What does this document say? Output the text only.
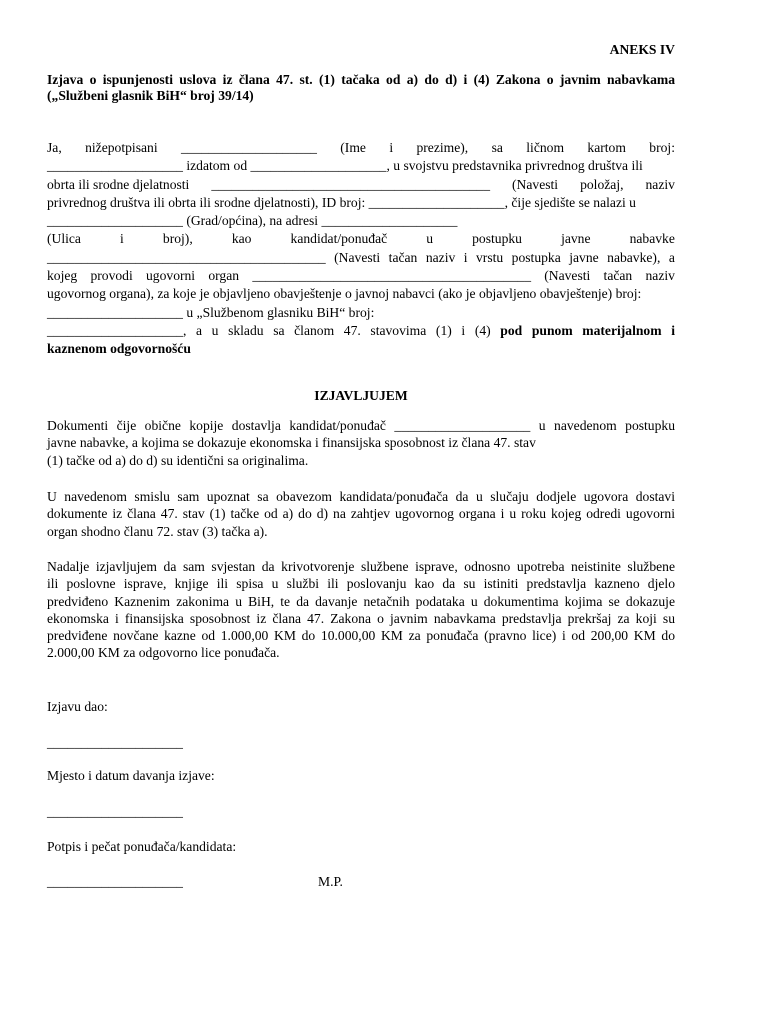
ANEKS IV
Izjava o ispunjenosti uslova iz člana 47. st. (1) tačaka od a) do d) i (4) Zakona o javnim nabavkama
(„Službeni glasnik BiH“ broj 39/14)
Ja, nižepotpisani ____________________ (Ime i prezime), sa ličnom kartom broj:
____________________ izdatom od ____________________, u svojstvu predstavnika privrednog društva ili
obrta ili srodne djelatnosti _________________________________________ (Navesti položaj, naziv
privrednog društva ili obrta ili srodne djelatnosti), ID broj: ____________________, čije sjedište se nalazi u
____________________ (Grad/općina), na adresi ____________________
(Ulica	i	broj),	kao	kandidat/ponuđač	u	postupku	javne	nabavke
_________________________________________ (Navesti tačan naziv i vrstu postupka javne nabavke), a
kojeg provodi ugovorni organ _________________________________________ (Navesti tačan naziv
ugovornog organa), za koje je objavljeno obavještenje o javnoj nabavci (ako je objavljeno obavještenje) broj:
____________________ u „Službenom glasniku BiH“ broj:
____________________, a u skladu sa članom 47. stavovima (1) i (4) pod punom materijalnom i
kaznenom odgovornošću
IZJAVLJUJEM
Dokumenti čije obične kopije dostavlja kandidat/ponuđač ____________________ u navedenom postupku
javne nabavke, a kojima se dokazuje ekonomska i finansijska sposobnost iz člana 47. stav
(1) tačke od a) do d) su identični sa originalima.
U navedenom smislu sam upoznat sa obavezom kandidata/ponuđača da u slučaju dodjele ugovora dostavi
dokumente iz člana 47. stav (1) tačke od a) do d) na zahtjev ugovornog organa i u roku kojeg odredi ugovorni
organ shodno članu 72. stav (3) tačka a).
Nadalje izjavljujem da sam svjestan da krivotvorenje službene isprave, odnosno upotreba neistinite službene
ili poslovne isprave, knjige ili spisa u službi ili poslovanju kao da su istiniti predstavlja kazneno djelo
predviđeno Kaznenim zakonima u BiH, te da davanje netačnih podataka u dokumentima kojima se dokazuje
ekonomska i finansijska sposobnost iz člana 47. Zakona o javnim nabavkama predstavlja prekršaj za koji su
predviđene novčane kazne od 1.000,00 KM do 10.000,00 KM za ponuđača (pravno lice) i od 200,00 KM do
2.000,00 KM za odgovorno lice ponuđača.
Izjavu dao:
____________________
Mjesto i datum davanja izjave:
____________________
Potpis i pečat ponuđača/kandidata:
____________________	M.P.
